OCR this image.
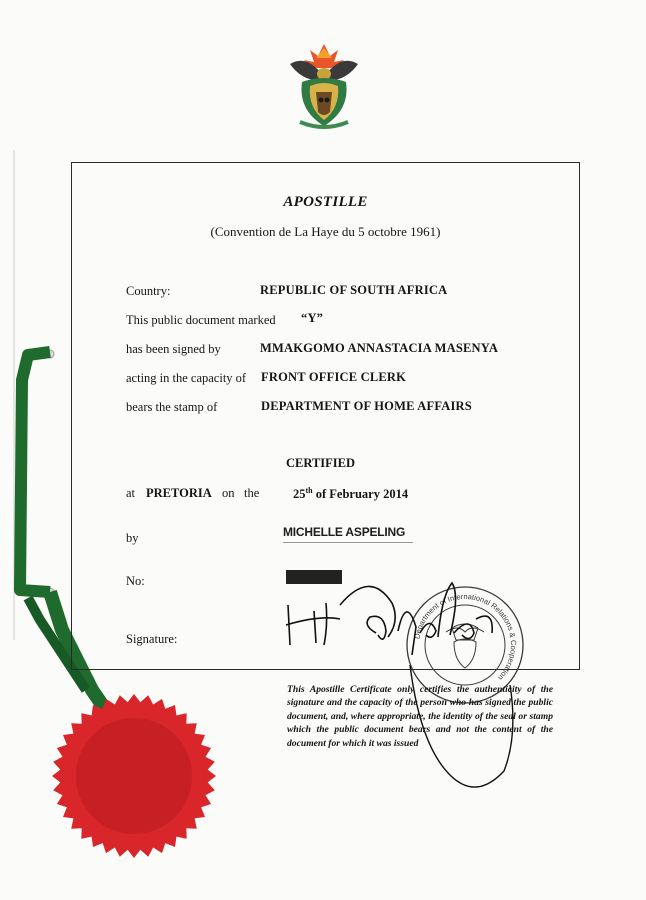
APOSTILLE
(Convention de La Haye du 5 octobre 1961)
Country:	REPUBLIC OF SOUTH AFRICA
This public document marked “Y”
has been signed by	MMAKGOMO ANNASTACIA MASENYA
acting in the capacity of FRONT OFFICE CLERK
bears the stamp of	DEPARTMENT OF HOME AFFAIRS
CERTIFIED
at PRETORIA on the	25th of February 2014
by	MICHELLE ASPELING
No:
Signature:	Department of International Relations & Cooperation
This Apostille Certificate only certifies the authenticity of the signature and the capacity of the person who has signed the public document, and, where appropriate, the identity of the seal or stamp which the public document bears and not the content of the document for which it was issued
